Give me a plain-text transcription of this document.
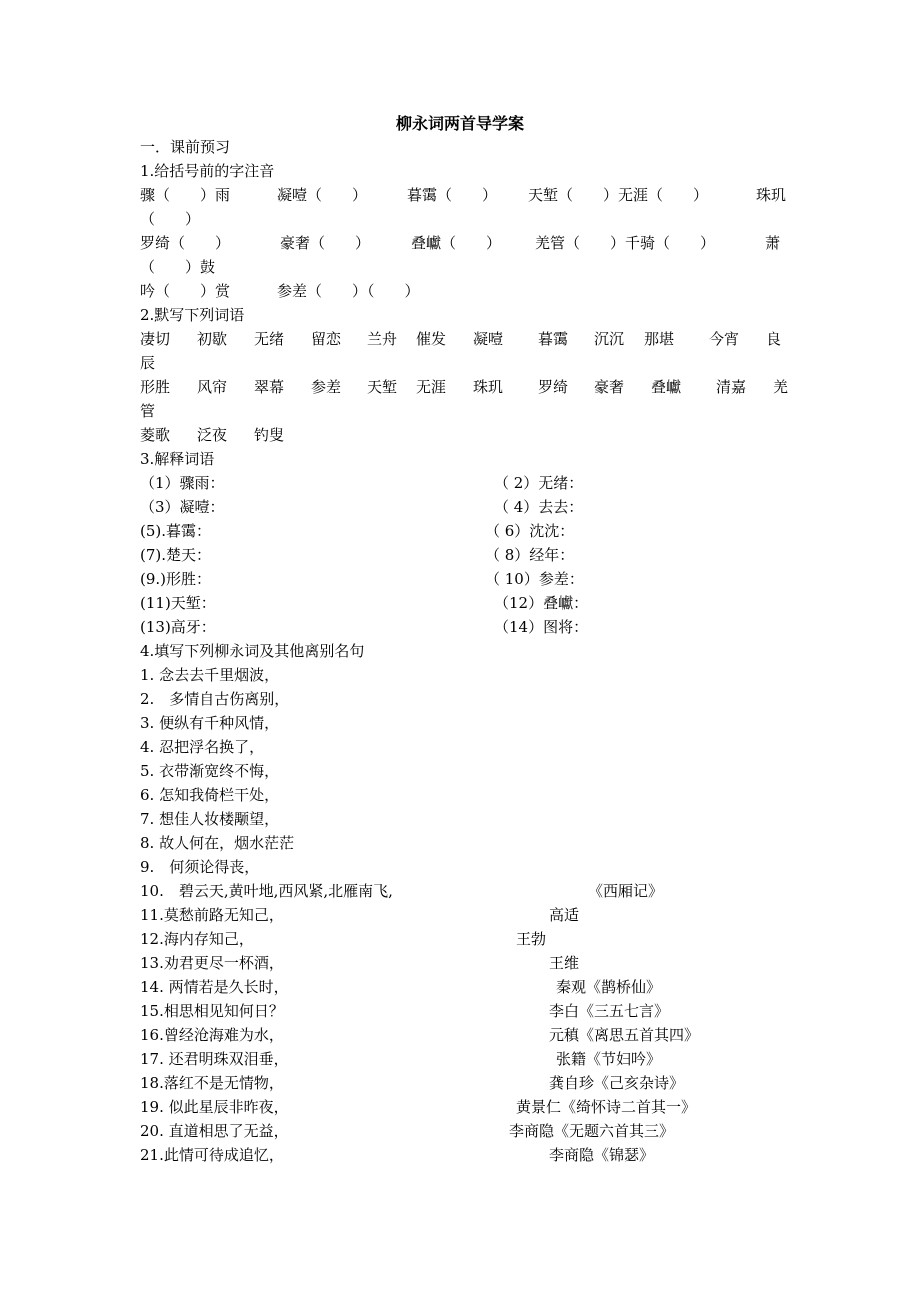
柳永词两首导学案
一．课前预习
1.给括号前的字注音
骤（　　）雨	凝噎（　　）	暮霭（　　） 天堑（　　）无涯（　　）	珠玑
（　　）
罗绮（　　）	豪奢（　　）	叠巘（　　） 羌管（　　）千骑（　　）	萧
（　　）鼓
吟（　　）赏	参差（　　）（　　）
2.默写下列词语
凄切 初歇 无绪 留恋 兰舟 催发 凝噎 暮霭 沉沉 那堪 今宵 良
辰
形胜 风帘 翠幕 参差 天堑 无涯 珠玑 罗绮 豪奢 叠巘 清嘉 羌
管
菱歌 泛夜 钓叟
3.解释词语
（1）骤雨：	（ 2）无绪：
（3）凝噎：	（ 4）去去：
(5).暮霭：	（ 6）沈沈：
(7).楚天：	（ 8）经年：
(9.)形胜：	（ 10）参差：
(11)天堑：	（12）叠巘：
(13)高牙：	（14）图将：
4.填写下列柳永词及其他离别名句
1. 念去去千里烟波，
2.　多情自古伤离别，
3. 便纵有千种风情，
4. 忍把浮名换了，
5. 衣带渐宽终不悔，
6. 怎知我倚栏干处，
7. 想佳人妆楼颙望，
8. 故人何在，烟水茫茫
9.　何须论得丧，
10.　碧云天,黄叶地,西风紧,北雁南飞,	《西厢记》
11.莫愁前路无知己，	高适
12.海内存知己，	王勃
13.劝君更尽一杯酒，	王维
14. 两情若是久长时，	秦观《鹊桥仙》
15.相思相见知何日？	李白《三五七言》
16.曾经沧海难为水，	元稹《离思五首其四》
17. 还君明珠双泪垂，	张籍《节妇吟》
18.落红不是无情物，	龚自珍《己亥杂诗》
19. 似此星辰非昨夜，	黄景仁《绮怀诗二首其一》
20. 直道相思了无益，	李商隐《无题六首其三》
21.此情可待成追忆，	李商隐《锦瑟》
